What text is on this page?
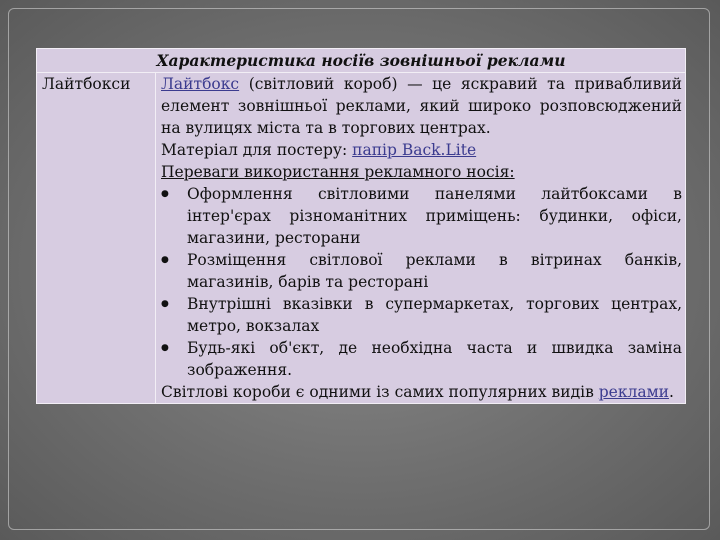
Характеристика носіїв зовнішньої реклами
Лайтбокси	Лайтбокс (світловий короб) — це яскравий та привабливий елемент зовнішньої реклами, який широко розповсюджений на вулицях міста та в торгових центрах.
Матеріал для постеру: папір Back.Lite
Переваги використання рекламного носія:
●	Оформлення світловими панелями лайтбоксами в інтер'єрах різноманітних приміщень: будинки, офіси, магазини, ресторани
●	Розміщення світлової реклами в вітринах банків, магазинів, барів та ресторані
●	Внутрішні вказівки в супермаркетах, торгових центрах, метро, вокзалах
●	Будь-які об'єкт, де необхідна часта и швидка заміна зображення.
Світлові короби є одними із самих популярних видів реклами.
